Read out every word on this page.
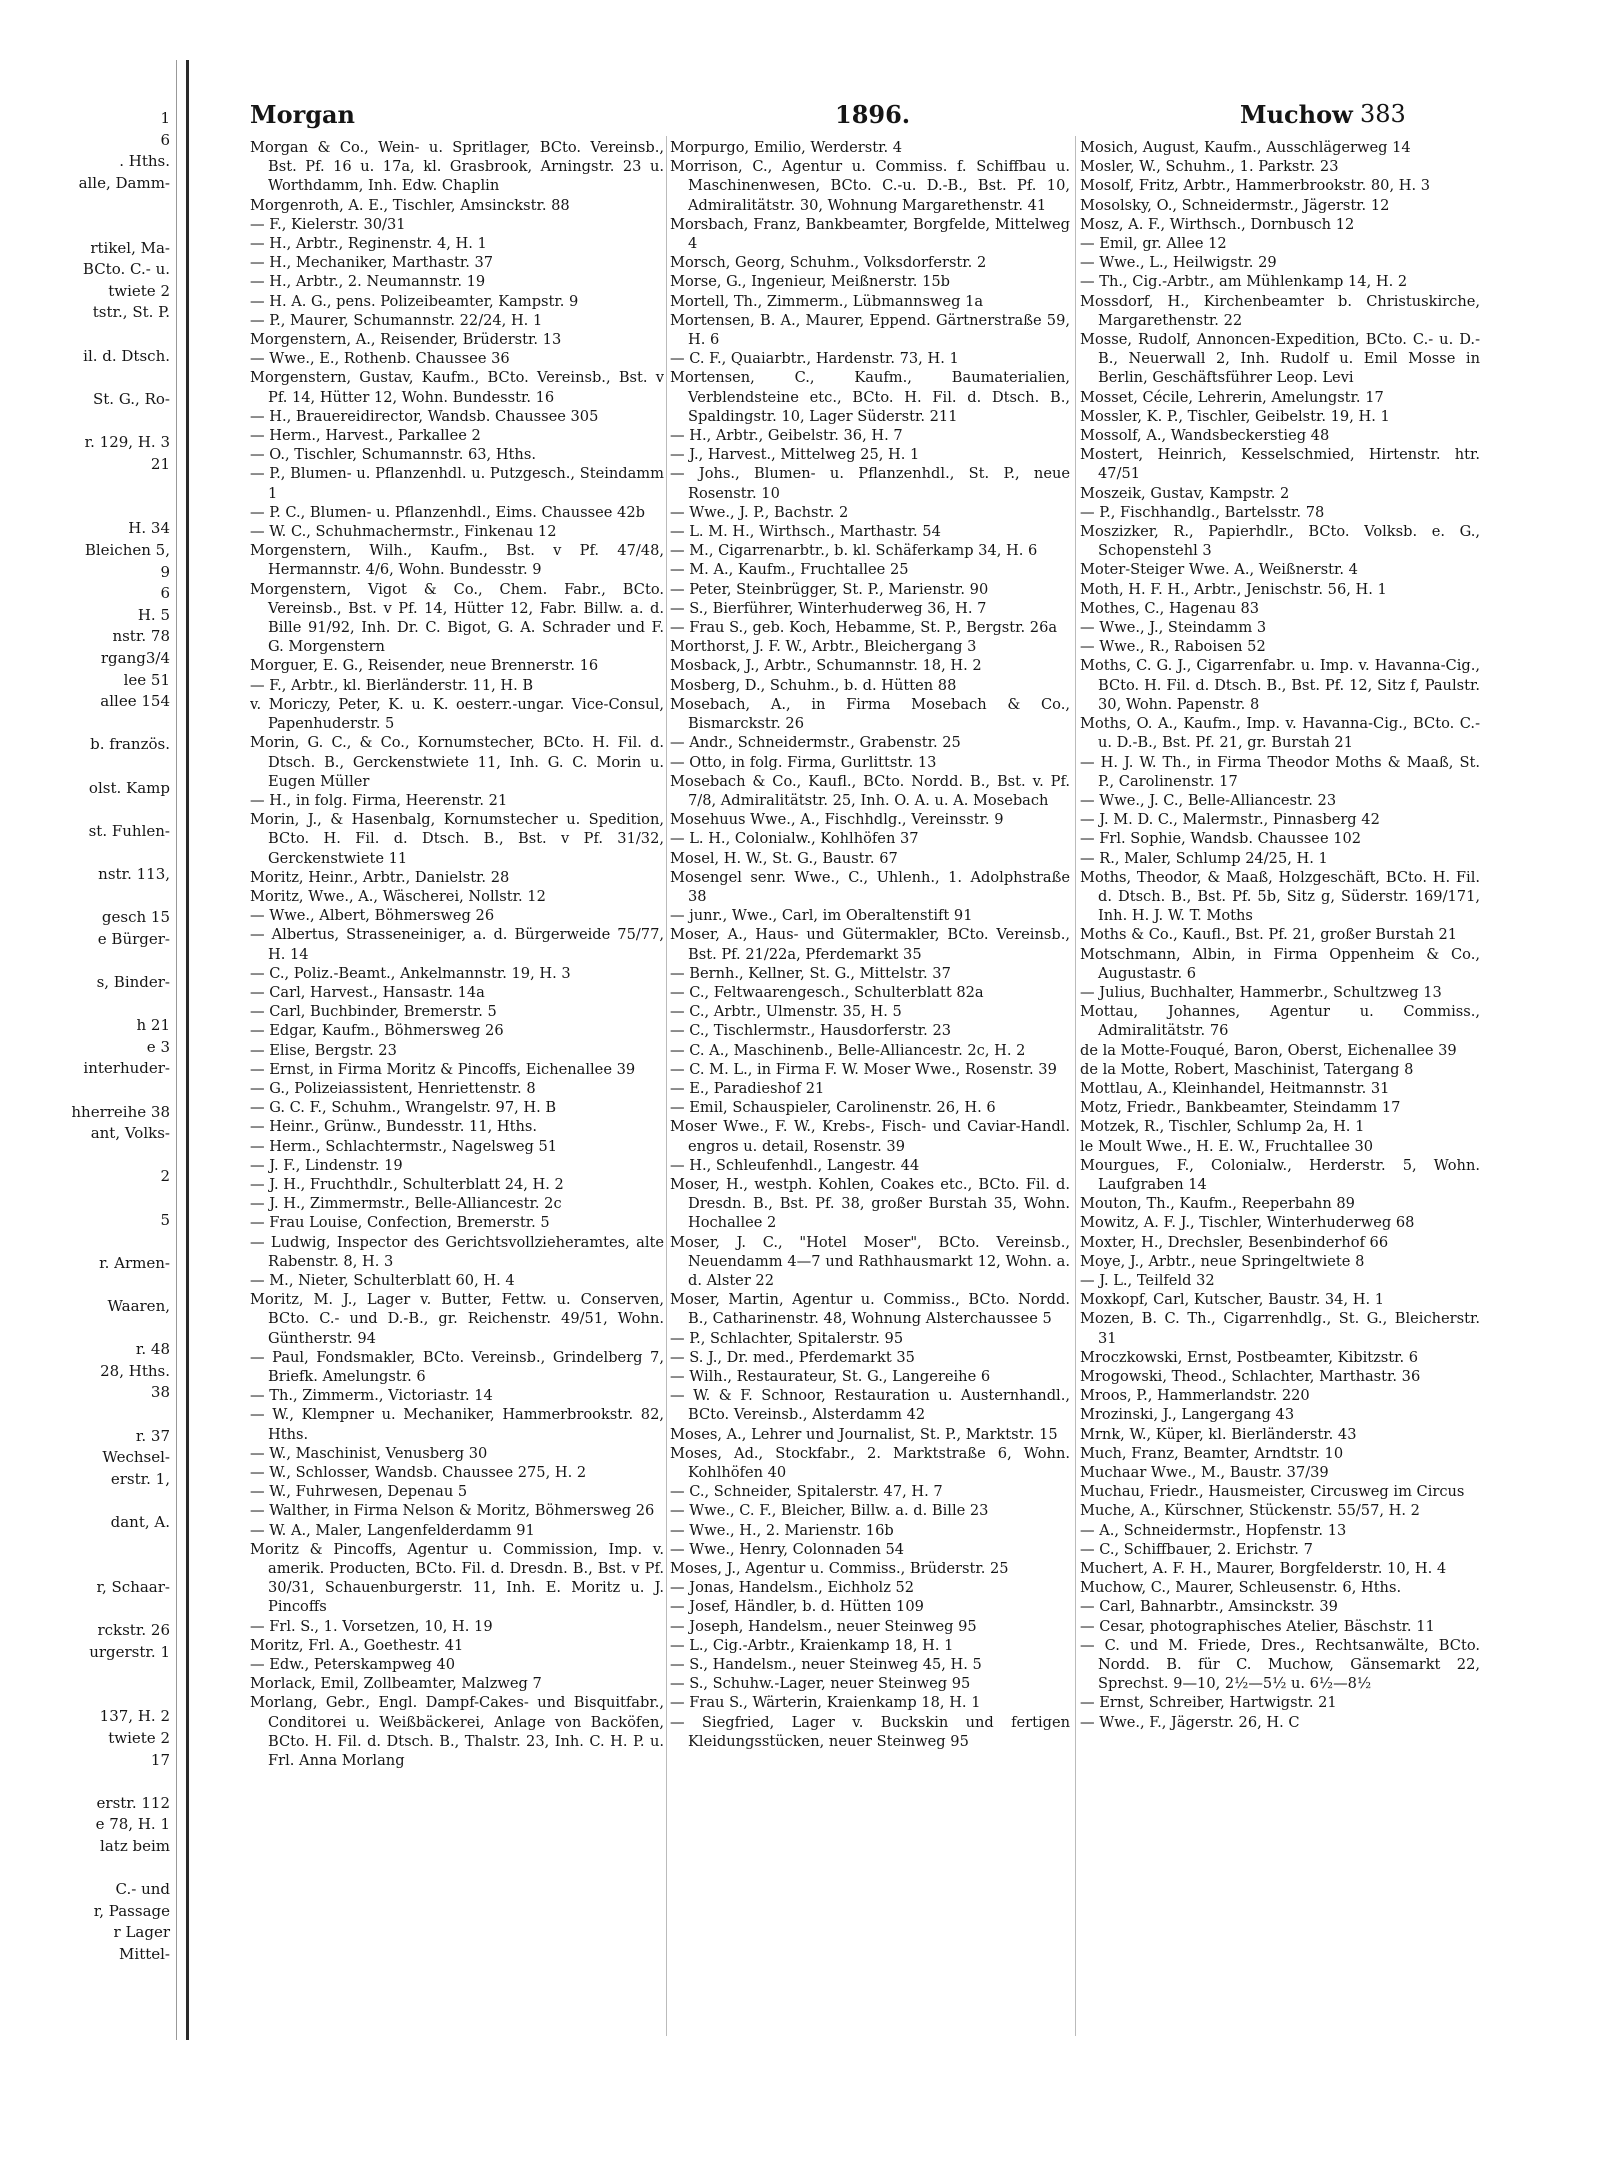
1
6
. Hths.
alle, Damm-
rtikel, Ma-
BCto. C.- u.
twiete 2
tstr., St. P.
il. d. Dtsch.
St. G., Ro-
r. 129, H. 3
21
H. 34
Bleichen 5,
9
6
H. 5
nstr. 78
rgang3/4
lee 51
allee 154
b. französ.
olst. Kamp
st. Fuhlen-
nstr. 113,
gesch 15
e Bürger-
s, Binder-
h 21
e 3
interhuder-
hherreihe 38
ant, Volks-
2
5
r. Armen-
Waaren,
r. 48
28, Hths.
38
r. 37
Wechsel-
erstr. 1,
dant, A.
r, Schaar-
rckstr. 26
urgerstr. 1
137, H. 2
twiete 2
17
erstr. 112
e 78, H. 1
latz beim
C.- und
r, Passage
r Lager
Mittel-
Morgan	1896.	Muchow 383

Morgan & Co., Wein- u. Spritlager, BCto. Vereinsb., Bst. Pf. 16 u. 17a, kl. Grasbrook, Arningstr. 23 u. Worthdamm, Inh. Edw. Chaplin

Morgenroth, A. E., Tischler, Amsinckstr. 88

— F., Kielerstr. 30/31

— H., Arbtr., Reginenstr. 4, H. 1

— H., Mechaniker, Marthastr. 37

— H., Arbtr., 2. Neumannstr. 19

— H. A. G., pens. Polizeibeamter, Kampstr. 9

— P., Maurer, Schumannstr. 22/24, H. 1

Morgenstern, A., Reisender, Brüderstr. 13

— Wwe., E., Rothenb. Chaussee 36

Morgenstern, Gustav, Kaufm., BCto. Vereinsb., Bst. v Pf. 14, Hütter 12, Wohn. Bundesstr. 16

— H., Brauereidirector, Wandsb. Chaussee 305

— Herm., Harvest., Parkallee 2

— O., Tischler, Schumannstr. 63, Hths.

— P., Blumen- u. Pflanzenhdl. u. Putzgesch., Steindamm 1

— P. C., Blumen- u. Pflanzenhdl., Eims. Chaussee 42b

— W. C., Schuhmachermstr., Finkenau 12

Morgenstern, Wilh., Kaufm., Bst. v Pf. 47/48, Hermannstr. 4/6, Wohn. Bundesstr. 9

Morgenstern, Vigot & Co., Chem. Fabr., BCto. Vereinsb., Bst. v Pf. 14, Hütter 12, Fabr. Billw. a. d. Bille 91/92, Inh. Dr. C. Bigot, G. A. Schrader und F. G. Morgenstern

Morguer, E. G., Reisender, neue Brennerstr. 16

— F., Arbtr., kl. Bierländerstr. 11, H. B

v. Moriczy, Peter, K. u. K. oesterr.-ungar. Vice-Consul, Papenhuderstr. 5

Morin, G. C., & Co., Kornumstecher, BCto. H. Fil. d. Dtsch. B., Gerckenstwiete 11, Inh. G. C. Morin u. Eugen Müller

— H., in folg. Firma, Heerenstr. 21

Morin, J., & Hasenbalg, Kornumstecher u. Spedition, BCto. H. Fil. d. Dtsch. B., Bst. v Pf. 31/32, Gerckenstwiete 11

Moritz, Heinr., Arbtr., Danielstr. 28

Moritz, Wwe., A., Wäscherei, Nollstr. 12

— Wwe., Albert, Böhmersweg 26

— Albertus, Strasseneiniger, a. d. Bürgerweide 75/77, H. 14

— C., Poliz.-Beamt., Ankelmannstr. 19, H. 3

— Carl, Harvest., Hansastr. 14a

— Carl, Buchbinder, Bremerstr. 5

— Edgar, Kaufm., Böhmersweg 26

— Elise, Bergstr. 23

— Ernst, in Firma Moritz & Pincoffs, Eichenallee 39

— G., Polizeiassistent, Henriettenstr. 8

— G. C. F., Schuhm., Wrangelstr. 97, H. B

— Heinr., Grünw., Bundesstr. 11, Hths.

— Herm., Schlachtermstr., Nagelsweg 51

— J. F., Lindenstr. 19

— J. H., Fruchthdlr., Schulterblatt 24, H. 2

— J. H., Zimmermstr., Belle-Alliancestr. 2c

— Frau Louise, Confection, Bremerstr. 5

— Ludwig, Inspector des Gerichtsvollzieheramtes, alte Rabenstr. 8, H. 3

— M., Nieter, Schulterblatt 60, H. 4

Moritz, M. J., Lager v. Butter, Fettw. u. Conserven, BCto. C.- und D.-B., gr. Reichenstr. 49/51, Wohn. Güntherstr. 94

— Paul, Fondsmakler, BCto. Vereinsb., Grindelberg 7, Briefk. Amelungstr. 6

— Th., Zimmerm., Victoriastr. 14

— W., Klempner u. Mechaniker, Hammerbrookstr. 82, Hths.

— W., Maschinist, Venusberg 30

— W., Schlosser, Wandsb. Chaussee 275, H. 2

— W., Fuhrwesen, Depenau 5

— Walther, in Firma Nelson & Moritz, Böhmersweg 26

— W. A., Maler, Langenfelderdamm 91

Moritz & Pincoffs, Agentur u. Commission, Imp. v. amerik. Producten, BCto. Fil. d. Dresdn. B., Bst. v Pf. 30/31, Schauenburgerstr. 11, Inh. E. Moritz u. J. Pincoffs

— Frl. S., 1. Vorsetzen, 10, H. 19

Moritz, Frl. A., Goethestr. 41

— Edw., Peterskampweg 40

Morlack, Emil, Zollbeamter, Malzweg 7

Morlang, Gebr., Engl. Dampf-Cakes- und Bisquitfabr., Conditorei u. Weißbäckerei, Anlage von Backöfen, BCto. H. Fil. d. Dtsch. B., Thalstr. 23, Inh. C. H. P. u. Frl. Anna Morlang

Morpurgo, Emilio, Werderstr. 4

Morrison, C., Agentur u. Commiss. f. Schiffbau u. Maschinenwesen, BCto. C.-u. D.-B., Bst. Pf. 10, Admiralitätstr. 30, Wohnung Margarethenstr. 41

Morsbach, Franz, Bankbeamter, Borgfelde, Mittelweg 4

Morsch, Georg, Schuhm., Volksdorferstr. 2

Morse, G., Ingenieur, Meißnerstr. 15b

Mortell, Th., Zimmerm., Lübmannsweg 1a

Mortensen, B. A., Maurer, Eppend. Gärtnerstraße 59, H. 6

— C. F., Quaiarbtr., Hardenstr. 73, H. 1

Mortensen, C., Kaufm., Baumaterialien, Verblendsteine etc., BCto. H. Fil. d. Dtsch. B., Spaldingstr. 10, Lager Süderstr. 211

— H., Arbtr., Geibelstr. 36, H. 7

— J., Harvest., Mittelweg 25, H. 1

— Johs., Blumen- u. Pflanzenhdl., St. P., neue Rosenstr. 10

— Wwe., J. P., Bachstr. 2

— L. M. H., Wirthsch., Marthastr. 54

— M., Cigarrenarbtr., b. kl. Schäferkamp 34, H. 6

— M. A., Kaufm., Fruchtallee 25

— Peter, Steinbrügger, St. P., Marienstr. 90

— S., Bierführer, Winterhuderweg 36, H. 7

— Frau S., geb. Koch, Hebamme, St. P., Bergstr. 26a

Morthorst, J. F. W., Arbtr., Bleichergang 3

Mosback, J., Arbtr., Schumannstr. 18, H. 2

Mosberg, D., Schuhm., b. d. Hütten 88

Mosebach, A., in Firma Mosebach & Co., Bismarckstr. 26

— Andr., Schneidermstr., Grabenstr. 25

— Otto, in folg. Firma, Gurlittstr. 13

Mosebach & Co., Kaufl., BCto. Nordd. B., Bst. v. Pf. 7/8, Admiralitätstr. 25, Inh. O. A. u. A. Mosebach

Mosehuus Wwe., A., Fischhdlg., Vereinsstr. 9

— L. H., Colonialw., Kohlhöfen 37

Mosel, H. W., St. G., Baustr. 67

Mosengel senr. Wwe., C., Uhlenh., 1. Adolphstraße 38

— junr., Wwe., Carl, im Oberaltenstift 91

Moser, A., Haus- und Gütermakler, BCto. Vereinsb., Bst. Pf. 21/22a, Pferdemarkt 35

— Bernh., Kellner, St. G., Mittelstr. 37

— C., Feltwaarengesch., Schulterblatt 82a

— C., Arbtr., Ulmenstr. 35, H. 5

— C., Tischlermstr., Hausdorferstr. 23

— C. A., Maschinenb., Belle-Alliancestr. 2c, H. 2

— C. M. L., in Firma F. W. Moser Wwe., Rosenstr. 39

— E., Paradieshof 21

— Emil, Schauspieler, Carolinenstr. 26, H. 6

Moser Wwe., F. W., Krebs-, Fisch- und Caviar-Handl. engros u. detail, Rosenstr. 39

— H., Schleufenhdl., Langestr. 44

Moser, H., westph. Kohlen, Coakes etc., BCto. Fil. d. Dresdn. B., Bst. Pf. 38, großer Burstah 35, Wohn. Hochallee 2

Moser, J. C., "Hotel Moser", BCto. Vereinsb., Neuendamm 4—7 und Rathhausmarkt 12, Wohn. a. d. Alster 22

Moser, Martin, Agentur u. Commiss., BCto. Nordd. B., Catharinenstr. 48, Wohnung Alsterchaussee 5

— P., Schlachter, Spitalerstr. 95

— S. J., Dr. med., Pferdemarkt 35

— Wilh., Restaurateur, St. G., Langereihe 6

— W. & F. Schnoor, Restauration u. Austernhandl., BCto. Vereinsb., Alsterdamm 42

Moses, A., Lehrer und Journalist, St. P., Marktstr. 15

Moses, Ad., Stockfabr., 2. Marktstraße 6, Wohn. Kohlhöfen 40

— C., Schneider, Spitalerstr. 47, H. 7

— Wwe., C. F., Bleicher, Billw. a. d. Bille 23

— Wwe., H., 2. Marienstr. 16b

— Wwe., Henry, Colonnaden 54

Moses, J., Agentur u. Commiss., Brüderstr. 25

— Jonas, Handelsm., Eichholz 52

— Josef, Händler, b. d. Hütten 109

— Joseph, Handelsm., neuer Steinweg 95

— L., Cig.-Arbtr., Kraienkamp 18, H. 1

— S., Handelsm., neuer Steinweg 45, H. 5

— S., Schuhw.-Lager, neuer Steinweg 95

— Frau S., Wärterin, Kraienkamp 18, H. 1

— Siegfried, Lager v. Buckskin und fertigen Kleidungsstücken, neuer Steinweg 95

Mosich, August, Kaufm., Ausschlägerweg 14

Mosler, W., Schuhm., 1. Parkstr. 23

Mosolf, Fritz, Arbtr., Hammerbrookstr. 80, H. 3

Mosolsky, O., Schneidermstr., Jägerstr. 12

Mosz, A. F., Wirthsch., Dornbusch 12

— Emil, gr. Allee 12

— Wwe., L., Heilwigstr. 29

— Th., Cig.-Arbtr., am Mühlenkamp 14, H. 2

Mossdorf, H., Kirchenbeamter b. Christuskirche, Margarethenstr. 22

Mosse, Rudolf, Annoncen-Expedition, BCto. C.- u. D.-B., Neuerwall 2, Inh. Rudolf u. Emil Mosse in Berlin, Geschäftsführer Leop. Levi

Mosset, Cécile, Lehrerin, Amelungstr. 17

Mossler, K. P., Tischler, Geibelstr. 19, H. 1

Mossolf, A., Wandsbeckerstieg 48

Mostert, Heinrich, Kesselschmied, Hirtenstr. htr. 47/51

Moszeik, Gustav, Kampstr. 2

— P., Fischhandlg., Bartelsstr. 78

Moszizker, R., Papierhdlr., BCto. Volksb. e. G., Schopenstehl 3

Moter-Steiger Wwe. A., Weißnerstr. 4

Moth, H. F. H., Arbtr., Jenischstr. 56, H. 1

Mothes, C., Hagenau 83

— Wwe., J., Steindamm 3

— Wwe., R., Raboisen 52

Moths, C. G. J., Cigarrenfabr. u. Imp. v. Havanna-Cig., BCto. H. Fil. d. Dtsch. B., Bst. Pf. 12, Sitz f, Paulstr. 30, Wohn. Papenstr. 8

Moths, O. A., Kaufm., Imp. v. Havanna-Cig., BCto. C.- u. D.-B., Bst. Pf. 21, gr. Burstah 21

— H. J. W. Th., in Firma Theodor Moths & Maaß, St. P., Carolinenstr. 17

— Wwe., J. C., Belle-Alliancestr. 23

— J. M. D. C., Malermstr., Pinnasberg 42

— Frl. Sophie, Wandsb. Chaussee 102

— R., Maler, Schlump 24/25, H. 1

Moths, Theodor, & Maaß, Holzgeschäft, BCto. H. Fil. d. Dtsch. B., Bst. Pf. 5b, Sitz g, Süderstr. 169/171, Inh. H. J. W. T. Moths

Moths & Co., Kaufl., Bst. Pf. 21, großer Burstah 21

Motschmann, Albin, in Firma Oppenheim & Co., Augustastr. 6

— Julius, Buchhalter, Hammerbr., Schultzweg 13

Mottau, Johannes, Agentur u. Commiss., Admiralitätstr. 76

de la Motte-Fouqué, Baron, Oberst, Eichenallee 39

de la Motte, Robert, Maschinist, Tatergang 8

Mottlau, A., Kleinhandel, Heitmannstr. 31

Motz, Friedr., Bankbeamter, Steindamm 17

Motzek, R., Tischler, Schlump 2a, H. 1

le Moult Wwe., H. E. W., Fruchtallee 30

Mourgues, F., Colonialw., Herderstr. 5, Wohn. Laufgraben 14

Mouton, Th., Kaufm., Reeperbahn 89

Mowitz, A. F. J., Tischler, Winterhuderweg 68

Moxter, H., Drechsler, Besenbinderhof 66

Moye, J., Arbtr., neue Springeltwiete 8

— J. L., Teilfeld 32

Moxkopf, Carl, Kutscher, Baustr. 34, H. 1

Mozen, B. C. Th., Cigarrenhdlg., St. G., Bleicherstr. 31

Mroczkowski, Ernst, Postbeamter, Kibitzstr. 6

Mrogowski, Theod., Schlachter, Marthastr. 36

Mroos, P., Hammerlandstr. 220

Mrozinski, J., Langergang 43

Mrnk, W., Küper, kl. Bierländerstr. 43

Much, Franz, Beamter, Arndtstr. 10

Muchaar Wwe., M., Baustr. 37/39

Muchau, Friedr., Hausmeister, Circusweg im Circus

Muche, A., Kürschner, Stückenstr. 55/57, H. 2

— A., Schneidermstr., Hopfenstr. 13

— C., Schiffbauer, 2. Erichstr. 7

Muchert, A. F. H., Maurer, Borgfelderstr. 10, H. 4

Muchow, C., Maurer, Schleusenstr. 6, Hths.

— Carl, Bahnarbtr., Amsinckstr. 39

— Cesar, photographisches Atelier, Bäschstr. 11

— C. und M. Friede, Dres., Rechtsanwälte, BCto. Nordd. B. für C. Muchow, Gänsemarkt 22, Sprechst. 9—10, 2½—5½ u. 6½—8½

— Ernst, Schreiber, Hartwigstr. 21

— Wwe., F., Jägerstr. 26, H. C
